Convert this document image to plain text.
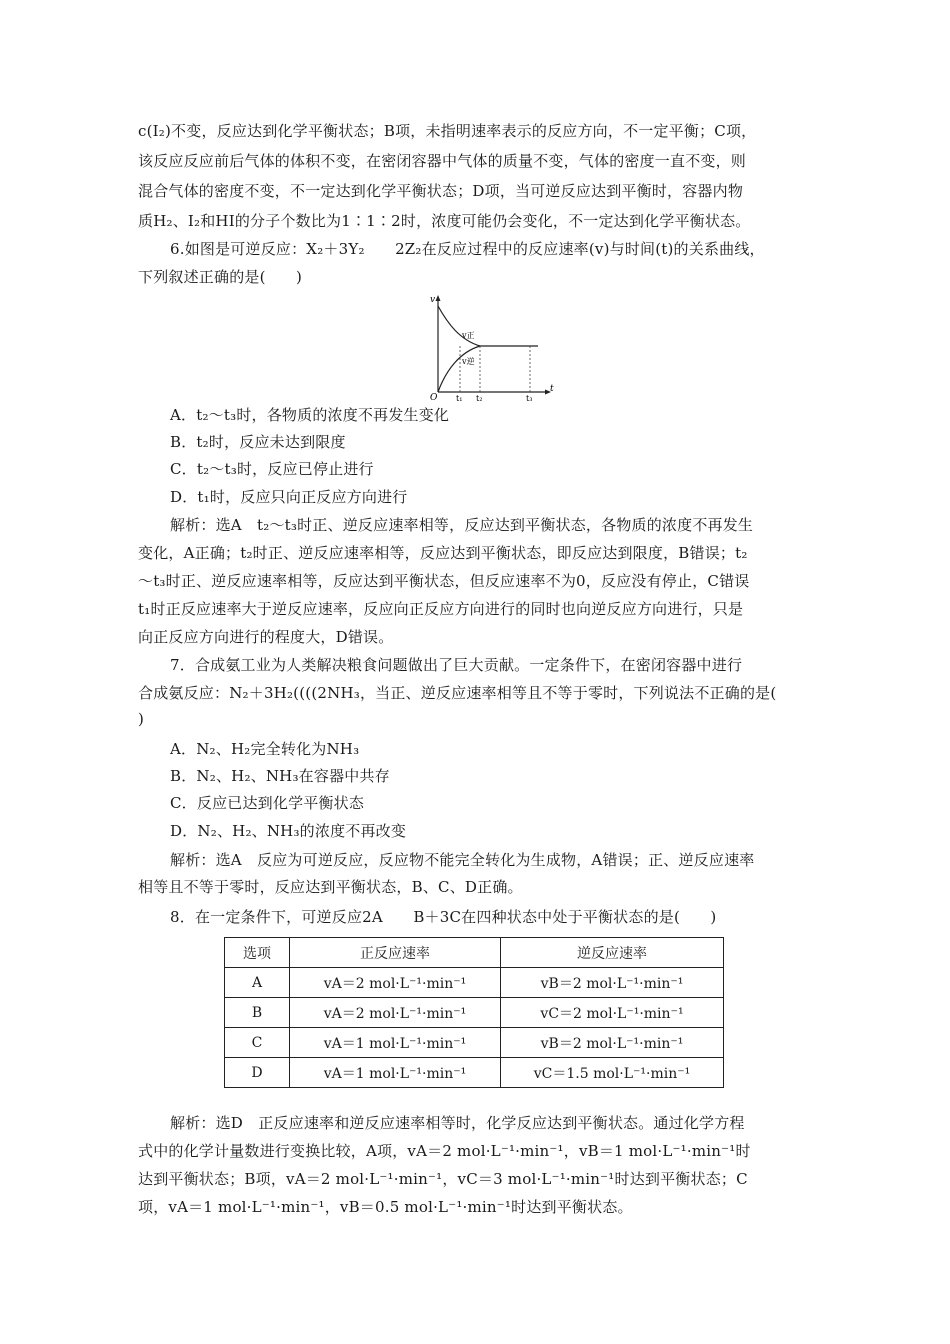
c(I₂)不变，反应达到化学平衡状态；B项，未指明速率表示的反应方向，不一定平衡；C项，
该反应反应前后气体的体积不变，在密闭容器中气体的质量不变，气体的密度一直不变，则
混合气体的密度不变，不一定达到化学平衡状态；D项，当可逆反应达到平衡时，容器内物
质H₂、I₂和HI的分子个数比为1∶1∶2时，浓度可能仍会变化，不一定达到化学平衡状态。
6.如图是可逆反应：X₂＋3Y₂　　2Z₂在反应过程中的反应速率(v)与时间(t)的关系曲线，
下列叙述正确的是(　　)
v
t
O
v正
v逆
t₁ t₂	t₃
A．t₂～t₃时，各物质的浓度不再发生变化
B．t₂时，反应未达到限度
C．t₂～t₃时，反应已停止进行
D．t₁时，反应只向正反应方向进行
解析：选A　t₂～t₃时正、逆反应速率相等，反应达到平衡状态，各物质的浓度不再发生
变化，A正确；t₂时正、逆反应速率相等，反应达到平衡状态，即反应达到限度，B错误；t₂
～t₃时正、逆反应速率相等，反应达到平衡状态，但反应速率不为0，反应没有停止，C错误
t₁时正反应速率大于逆反应速率，反应向正反应方向进行的同时也向逆反应方向进行，只是
向正反应方向进行的程度大，D错误。
7．合成氨工业为人类解决粮食问题做出了巨大贡献。一定条件下，在密闭容器中进行
合成氨反应：N₂＋3H₂((((2NH₃，当正、逆反应速率相等且不等于零时，下列说法不正确的是(
)
A．N₂、H₂完全转化为NH₃
B．N₂、H₂、NH₃在容器中共存
C．反应已达到化学平衡状态
D．N₂、H₂、NH₃的浓度不再改变
解析：选A　反应为可逆反应，反应物不能完全转化为生成物，A错误；正、逆反应速率
相等且不等于零时，反应达到平衡状态，B、C、D正确。
8．在一定条件下，可逆反应2A　　B＋3C在四种状态中处于平衡状态的是(　　)
选项	正反应速率	逆反应速率
A	vA＝2 mol·L⁻¹·min⁻¹	vB＝2 mol·L⁻¹·min⁻¹
B	vA＝2 mol·L⁻¹·min⁻¹	vC＝2 mol·L⁻¹·min⁻¹
C	vA＝1 mol·L⁻¹·min⁻¹	vB＝2 mol·L⁻¹·min⁻¹
D	vA＝1 mol·L⁻¹·min⁻¹	vC＝1.5 mol·L⁻¹·min⁻¹
解析：选D　正反应速率和逆反应速率相等时，化学反应达到平衡状态。通过化学方程
式中的化学计量数进行变换比较，A项，vA＝2 mol·L⁻¹·min⁻¹，vB＝1 mol·L⁻¹·min⁻¹时
达到平衡状态；B项，vA＝2 mol·L⁻¹·min⁻¹，vC＝3 mol·L⁻¹·min⁻¹时达到平衡状态；C
项，vA＝1 mol·L⁻¹·min⁻¹，vB＝0.5 mol·L⁻¹·min⁻¹时达到平衡状态。
